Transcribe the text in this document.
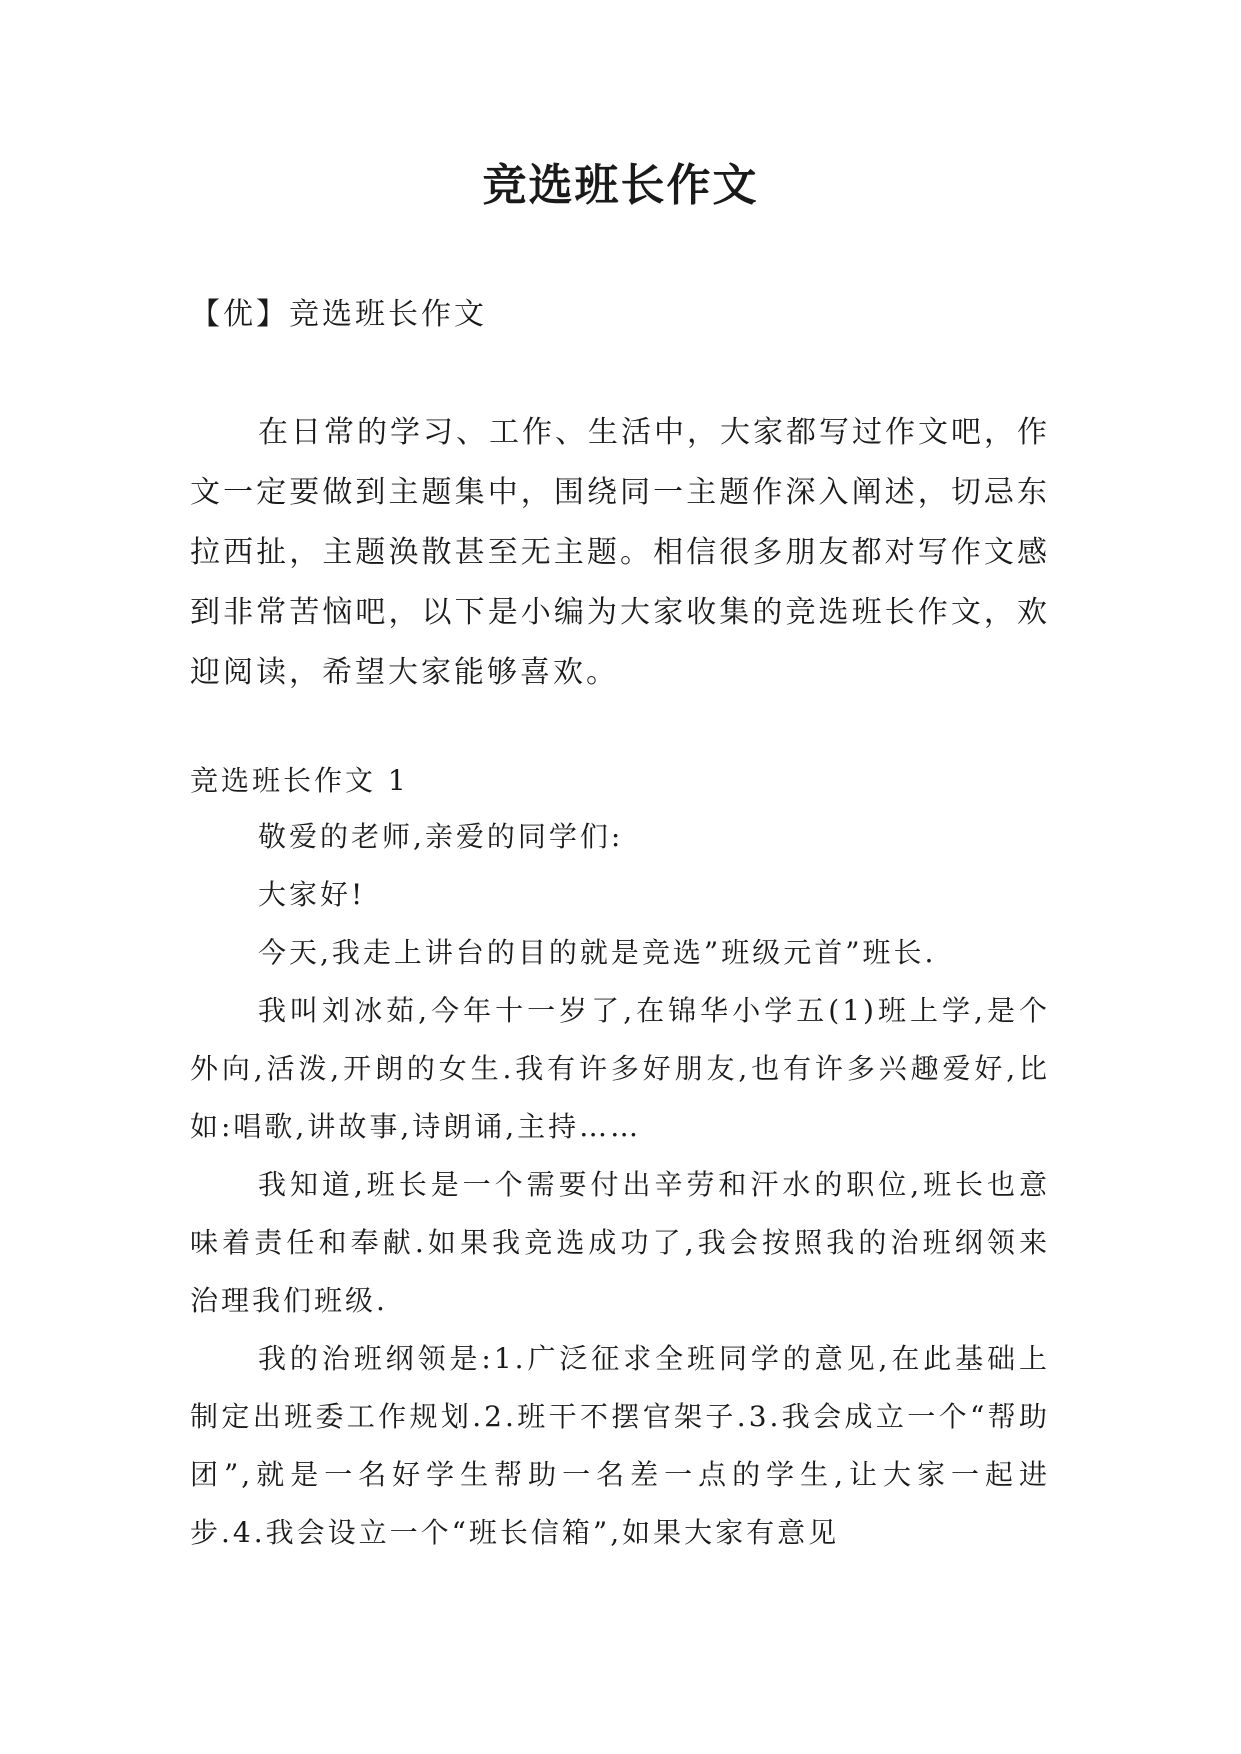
竞选班长作文

【优】竞选班长作文

在日常的学习、工作、生活中，大家都写过作文吧，作文一定要做到主题集中，围绕同一主题作深入阐述，切忌东拉西扯，主题涣散甚至无主题。相信很多朋友都对写作文感到非常苦恼吧，以下是小编为大家收集的竞选班长作文，欢迎阅读，希望大家能够喜欢。

竞选班长作文 1

敬爱的老师,亲爱的同学们:

大家好!

今天,我走上讲台的目的就是竞选”班级元首”班长.

我叫刘冰茹,今年十一岁了,在锦华小学五(1)班上学,是个外向,活泼,开朗的女生.我有许多好朋友,也有许多兴趣爱好,比如:唱歌,讲故事,诗朗诵,主持……

我知道,班长是一个需要付出辛劳和汗水的职位,班长也意味着责任和奉献.如果我竞选成功了,我会按照我的治班纲领来治理我们班级.

我的治班纲领是:1.广泛征求全班同学的意见,在此基础上制定出班委工作规划.2.班干不摆官架子.3.我会成立一个“帮助团”,就是一名好学生帮助一名差一点的学生,让大家一起进步.4.我会设立一个“班长信箱”,如果大家有意见
